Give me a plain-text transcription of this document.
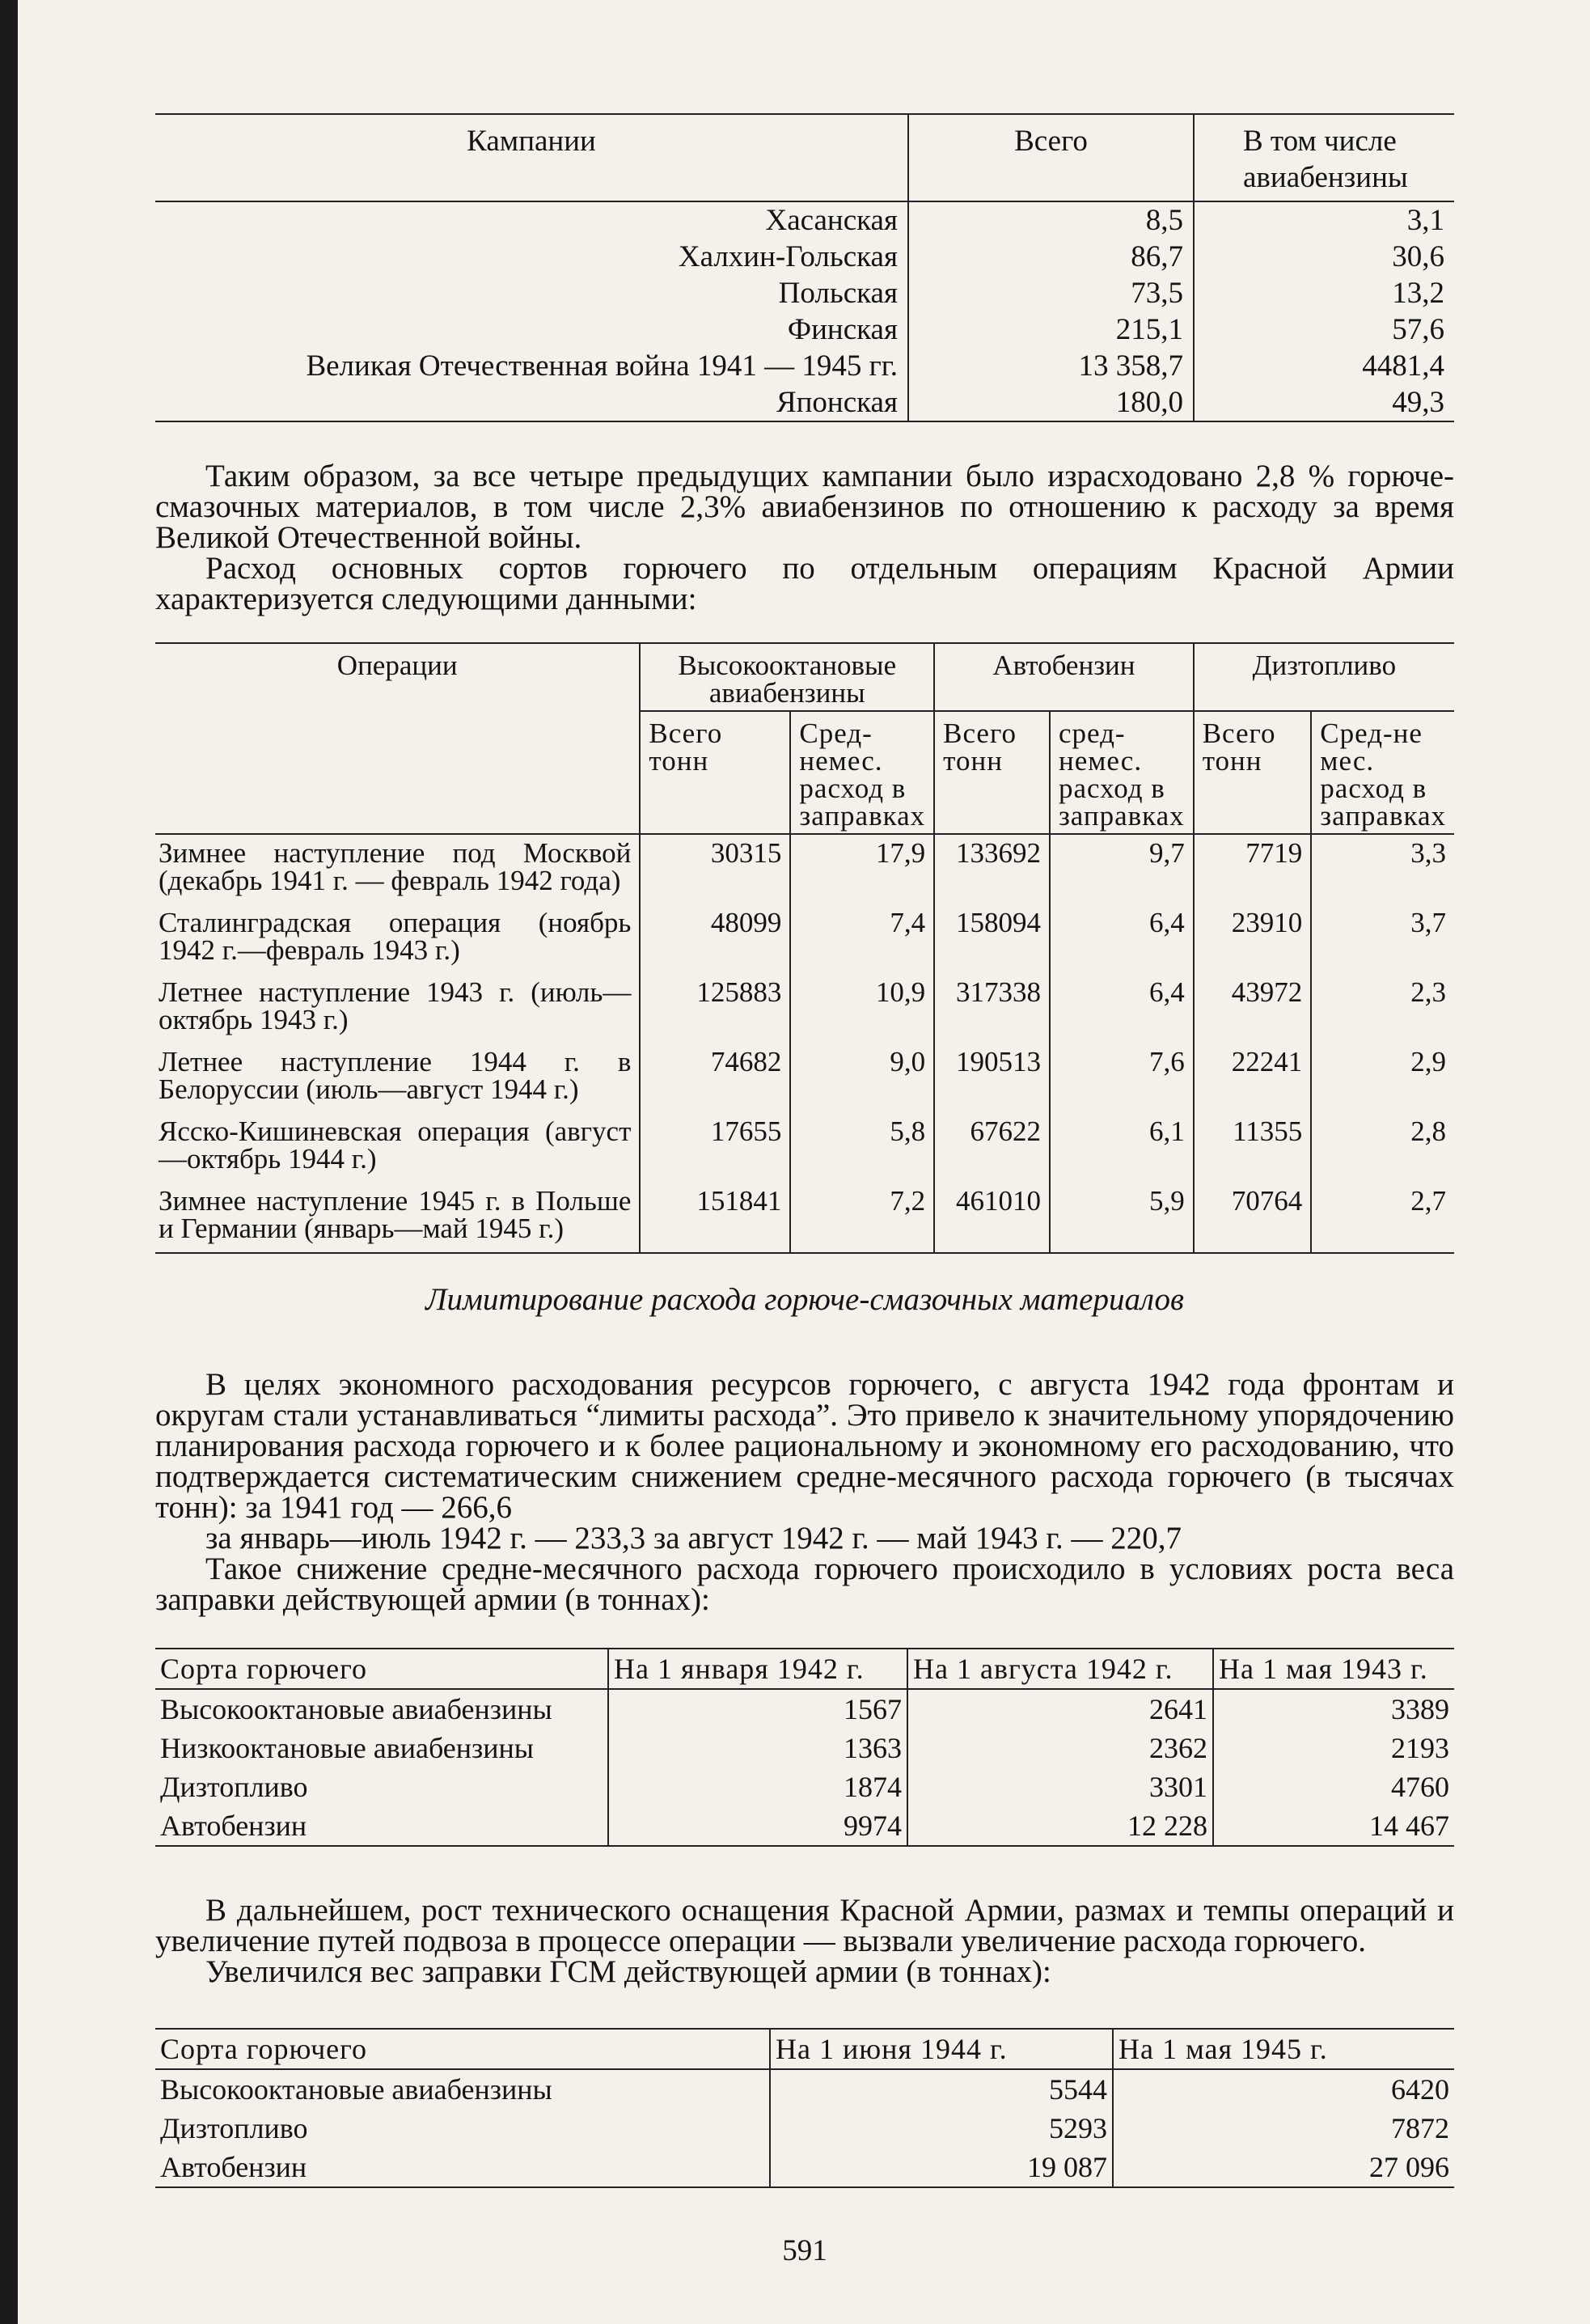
Кампании	Всего	В том числе авиабензины
Хасанская	8,5	3,1
Халхин-Гольская	86,7	30,6
Польская	73,5	13,2
Финская	215,1	57,6
Великая Отечественная война 1941 — 1945 гг.	13 358,7	4481,4
Японская	180,0	49,3

Таким образом, за все четыре предыдущих кампании было израсходовано 2,8 % горюче-смазочных материалов, в том числе 2,3% авиабензинов по отношению к расходу за время Великой Отечественной войны.

Расход основных сортов горючего по отдельным операциям Красной Армии характеризуется следующими данными:

Операции	Высокооктановые авиабензины		Автобензин		Дизтопливо	
	Всего тонн	Сред-немес. расход в заправках	Всего тонн	сред-немес. расход в заправках	Всего тонн	Сред-не мес. расход в заправках
Зимнее наступление под Москвой (декабрь 1941 г. — февраль 1942 года)	30315	17,9	133692	9,7	7719	3,3
Сталинградская операция (ноябрь 1942 г.—февраль 1943 г.)	48099	7,4	158094	6,4	23910	3,7
Летнее наступление 1943 г. (июль—октябрь 1943 г.)	125883	10,9	317338	6,4	43972	2,3
Летнее наступление 1944 г. в Белоруссии (июль—август 1944 г.)	74682	9,0	190513	7,6	22241	2,9
Ясско-Кишиневская операция (август—октябрь 1944 г.)	17655	5,8	67622	6,1	11355	2,8
Зимнее наступление 1945 г. в Польше и Германии (январь—май 1945 г.)	151841	7,2	461010	5,9	70764	2,7
Лимитирование расхода горюче-смазочных материалов

В целях экономного расходования ресурсов горючего, с августа 1942 года фронтам и округам стали устанавливаться “лимиты расхода”. Это привело к значительному упорядочению планирования расхода горючего и к более рациональному и экономному его расходованию, что подтверждается систематическим снижением средне-месячного расхода горючего (в тысячах тонн): за 1941 год — 266,6

за январь—июль 1942 г. — 233,3 за август 1942 г. — май 1943 г. — 220,7

Такое снижение средне-месячного расхода горючего происходило в условиях роста веса заправки действующей армии (в тоннах):

Сорта горючего	На 1 января 1942 г.	На 1 августа 1942 г.	На 1 мая 1943 г.
Высокооктановые авиабензины	1567	2641	3389
Низкооктановые авиабензины	1363	2362	2193
Дизтопливо	1874	3301	4760
Автобензин	9974	12 228	14 467

В дальнейшем, рост технического оснащения Красной Армии, размах и темпы операций и увеличение путей подвоза в процессе операции — вызвали увеличение расхода горючего.

Увеличился вес заправки ГСМ действующей армии (в тоннах):

Сорта горючего	На 1 июня 1944 г.	На 1 мая 1945 г.
Высокооктановые авиабензины	5544	6420
Дизтопливо	5293	7872
Автобензин	19 087	27 096
591
